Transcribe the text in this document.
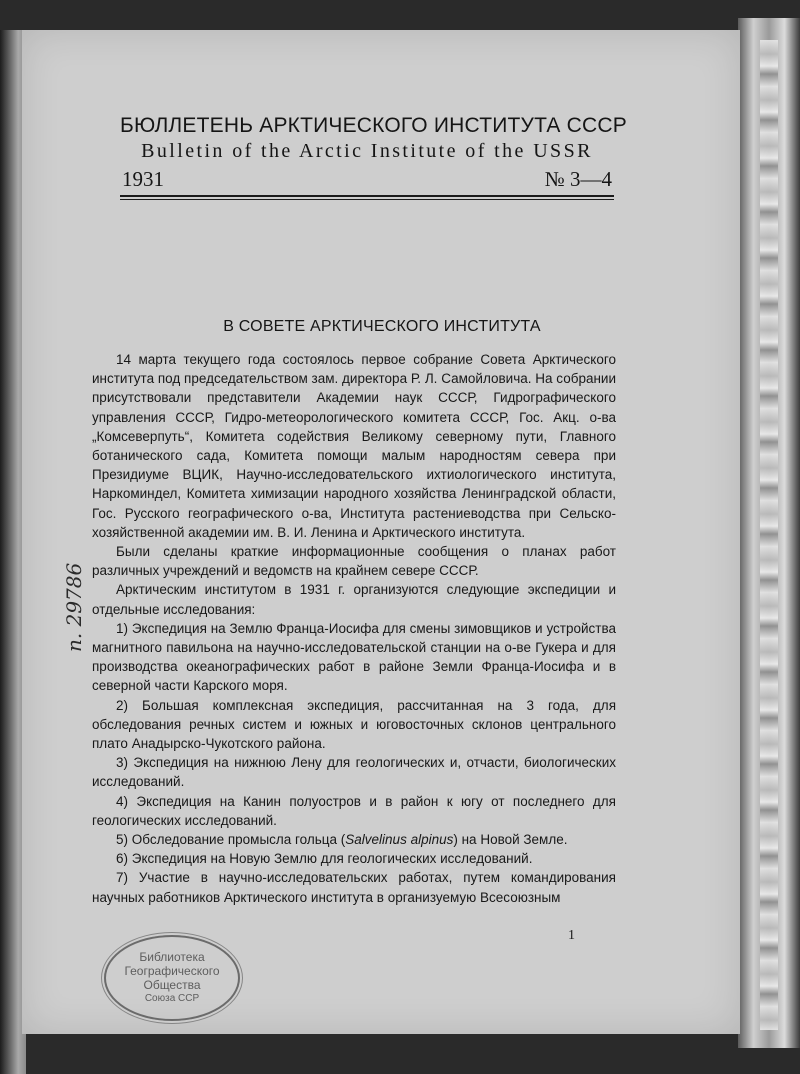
БЮЛЛЕТЕНЬ АРКТИЧЕСКОГО ИНСТИТУТА СССР
Bulletin of the Arctic Institute of the USSR
1931	№ 3—4
В СОВЕТЕ АРКТИЧЕСКОГО ИНСТИТУТА

14 марта текущего года состоялось первое собрание Совета Арктического института под председательством зам. директора Р. Л. Самойловича. На собрании присутствовали представители Академии наук СССР, Гидрографического управления СССР, Гидро-метеорологического комитета СССР, Гос. Акц. о-ва „Комсеверпуть“, Комитета содействия Великому северному пути, Главного ботанического сада, Комитета помощи малым народностям севера при Президиуме ВЦИК, Научно-исследовательского ихтиологического института, Наркоминдел, Комитета химизации народного хозяйства Ленинградской области, Гос. Русского географического о-ва, Института растениеводства при Сельско-хозяйственной академии им. В. И. Ленина и Арктического института.

Были сделаны краткие информационные сообщения о планах работ различных учреждений и ведомств на крайнем севере СССР.

Арктическим институтом в 1931 г. организуются следующие экспедиции и отдельные исследования:

1) Экспедиция на Землю Франца-Иосифа для смены зимовщиков и устройства магнитного павильона на научно-исследовательской станции на о-ве Гукера и для производства океанографических работ в районе Земли Франца-Иосифа и в северной части Карского моря.

2) Большая комплексная экспедиция, рассчитанная на 3 года, для обследования речных систем и южных и юговосточных склонов центрального плато Анадырско-Чукотского района.

3) Экспедиция на нижнюю Лену для геологических и, отчасти, биологических исследований.

4) Экспедиция на Канин полуостров и в район к югу от последнего для геологических исследований.

5) Обследование промысла гольца (Salvelinus alpinus) на Новой Земле.

6) Экспедиция на Новую Землю для геологических исследований.

7) Участие в научно-исследовательских работах, путем командирования научных работников Арктического института в организуемую Всесоюзным

1
п. 29786
Библиотека
Географического
Общества
Союза ССР
